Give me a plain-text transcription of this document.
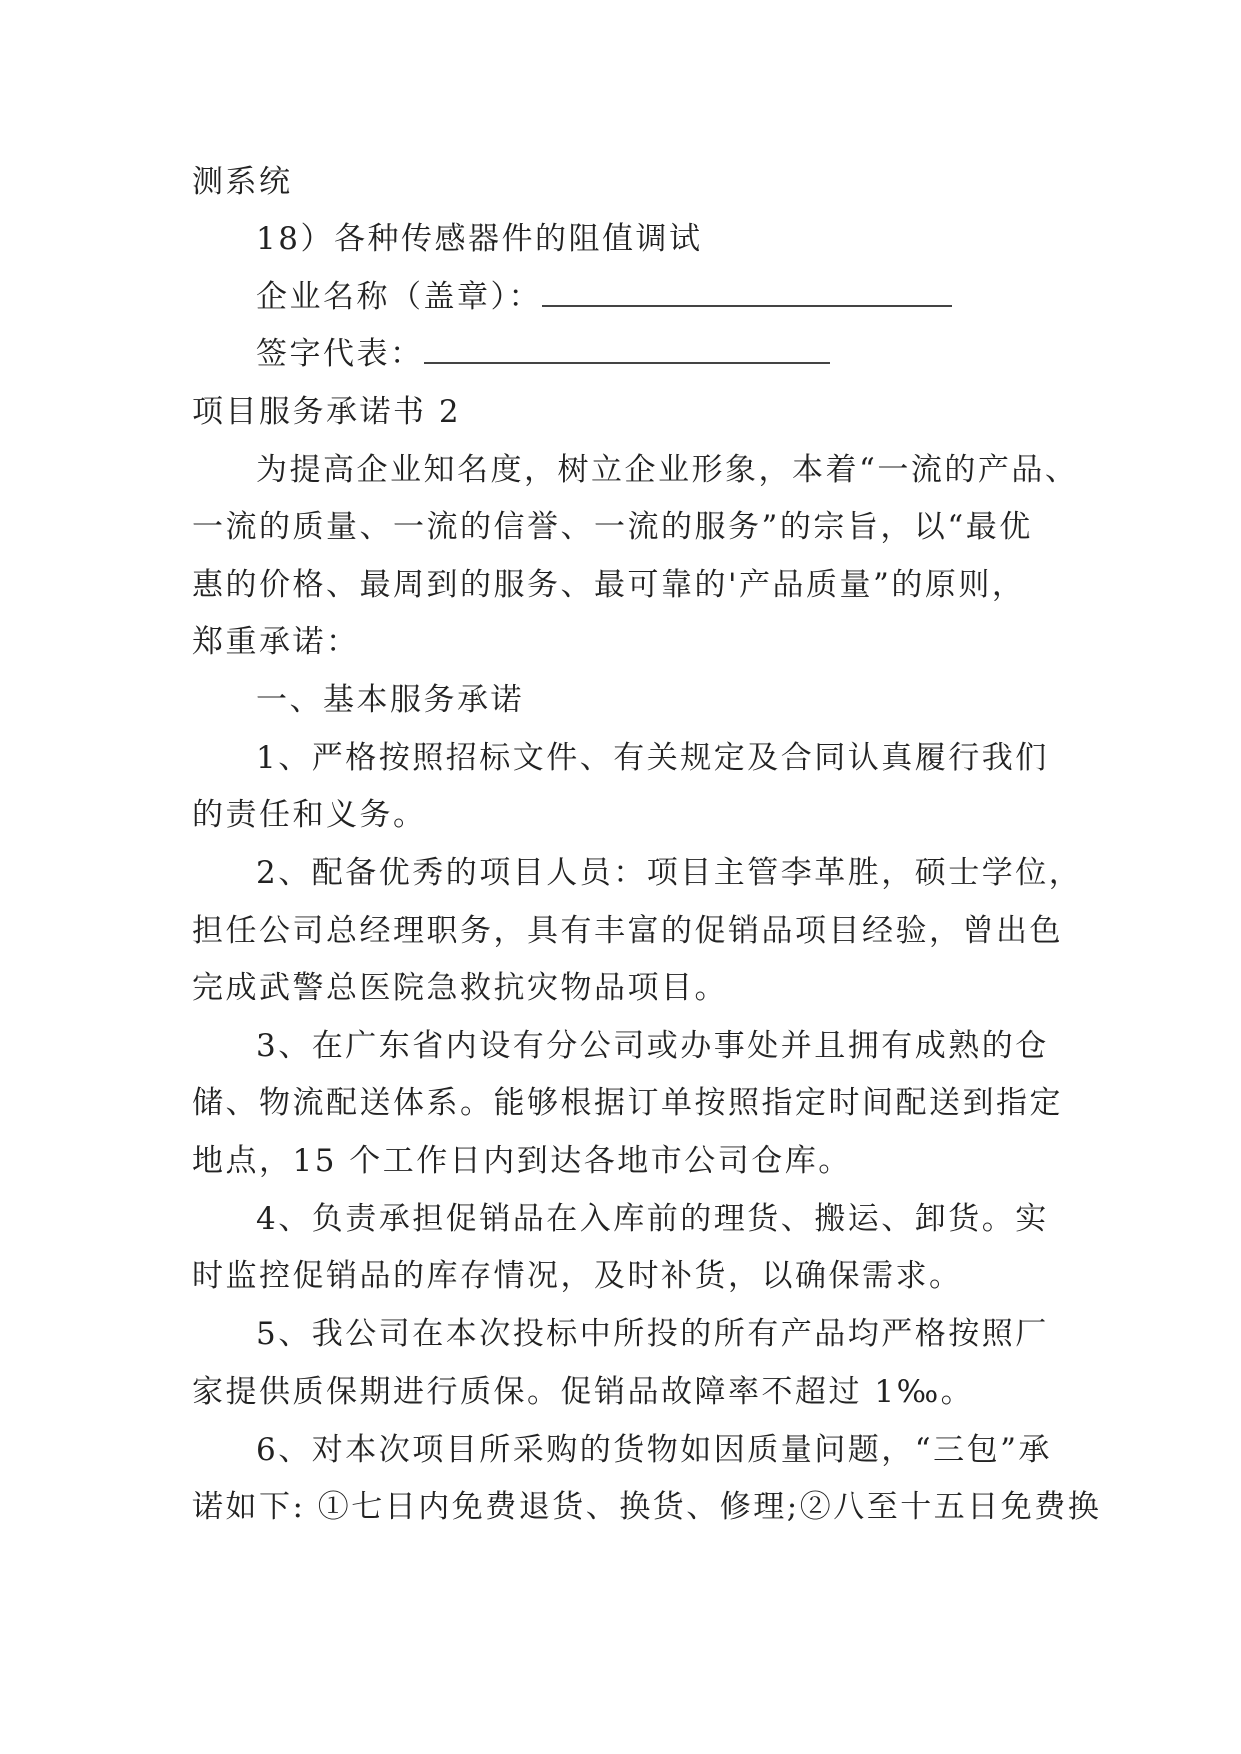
测系统
18）各种传感器件的阻值调试
企业名称（盖章）：
签字代表：
项目服务承诺书 2
为提高企业知名度，树立企业形象，本着“一流的产品、
一流的质量、一流的信誉、一流的服务”的宗旨，以“最优
惠的价格、最周到的服务、最可靠的'产品质量”的原则，
郑重承诺：
一、基本服务承诺
1、严格按照招标文件、有关规定及合同认真履行我们
的责任和义务。
2、配备优秀的项目人员：项目主管李革胜，硕士学位，
担任公司总经理职务，具有丰富的促销品项目经验，曾出色
完成武警总医院急救抗灾物品项目。
3、在广东省内设有分公司或办事处并且拥有成熟的仓
储、物流配送体系。能够根据订单按照指定时间配送到指定
地点，15 个工作日内到达各地市公司仓库。
4、负责承担促销品在入库前的理货、搬运、卸货。实
时监控促销品的库存情况，及时补货，以确保需求。
5、我公司在本次投标中所投的所有产品均严格按照厂
家提供质保期进行质保。促销品故障率不超过 1‰。
6、对本次项目所采购的货物如因质量问题，“三包”承
诺如下: ①七日内免费退货、换货、修理;②八至十五日免费换
